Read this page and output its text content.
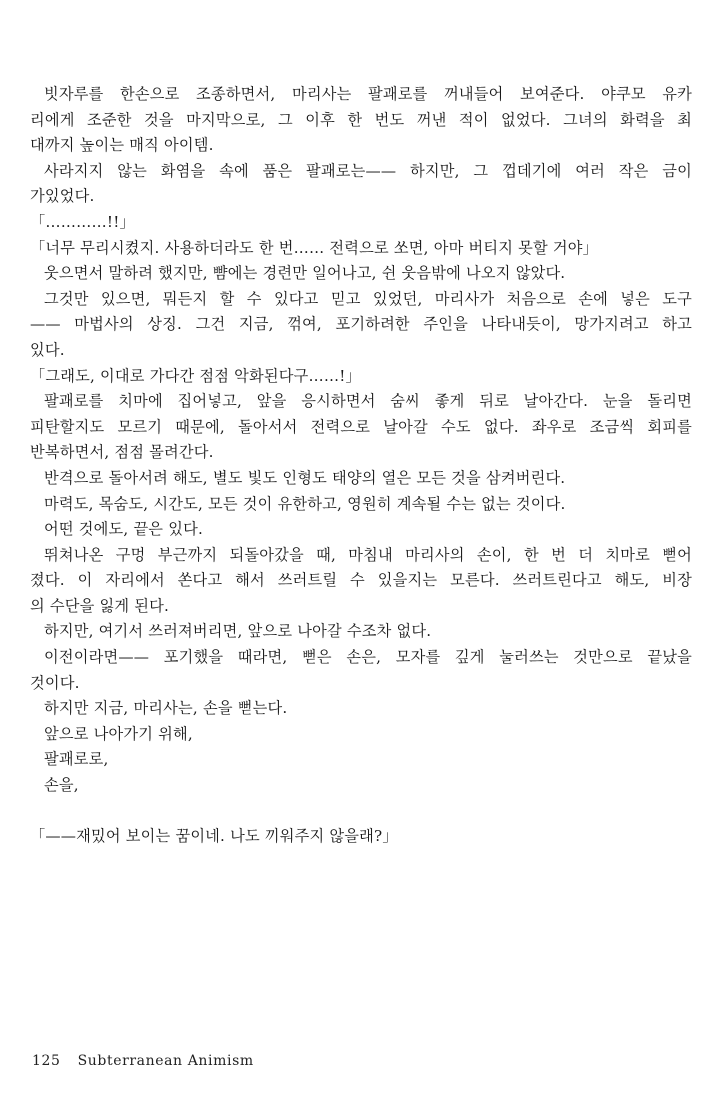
빗자루를 한손으로 조종하면서, 마리사는 팔괘로를 꺼내들어 보여준다. 야쿠모 유카
리에게 조준한 것을 마지막으로, 그 이후 한 번도 꺼낸 적이 없었다. 그녀의 화력을 최
대까지 높이는 매직 아이템.
사라지지 않는 화염을 속에 품은 팔괘로는—— 하지만, 그 껍데기에 여러 작은 금이
가있었다.
「…………!!」
「너무 무리시켰지. 사용하더라도 한 번…… 전력으로 쏘면, 아마 버티지 못할 거야」
웃으면서 말하려 했지만, 뺨에는 경련만 일어나고, 쉰 웃음밖에 나오지 않았다.
그것만 있으면, 뭐든지 할 수 있다고 믿고 있었던, 마리사가 처음으로 손에 넣은 도구
—— 마법사의 상징. 그건 지금, 꺾여, 포기하려한 주인을 나타내듯이, 망가지려고 하고
있다.
「그래도, 이대로 가다간 점점 악화된다구……!」
팔괘로를 치마에 집어넣고, 앞을 응시하면서 숨씨 좋게 뒤로 날아간다. 눈을 돌리면
피탄할지도 모르기 때문에, 돌아서서 전력으로 날아갈 수도 없다. 좌우로 조금씩 회피를
반복하면서, 점점 몰려간다.
반격으로 돌아서려 해도, 별도 빛도 인형도 태양의 열은 모든 것을 삼켜버린다.
마력도, 목숨도, 시간도, 모든 것이 유한하고, 영원히 계속될 수는 없는 것이다.
어떤 것에도, 끝은 있다.
뛰쳐나온 구멍 부근까지 되돌아갔을 때, 마침내 마리사의 손이, 한 번 더 치마로 뻗어
졌다. 이 자리에서 쏜다고 해서 쓰러트릴 수 있을지는 모른다. 쓰러트린다고 해도, 비장
의 수단을 잃게 된다.
하지만, 여기서 쓰러져버리면, 앞으로 나아갈 수조차 없다.
이전이라면—— 포기했을 때라면, 뻗은 손은, 모자를 깊게 눌러쓰는 것만으로 끝났을
것이다.
하지만 지금, 마리사는, 손을 뻗는다.
앞으로 나아가기 위해,
팔괘로로,
손을,
「——재밌어 보이는 꿈이네. 나도 끼워주지 않을래?」
125 Subterranean Animism
